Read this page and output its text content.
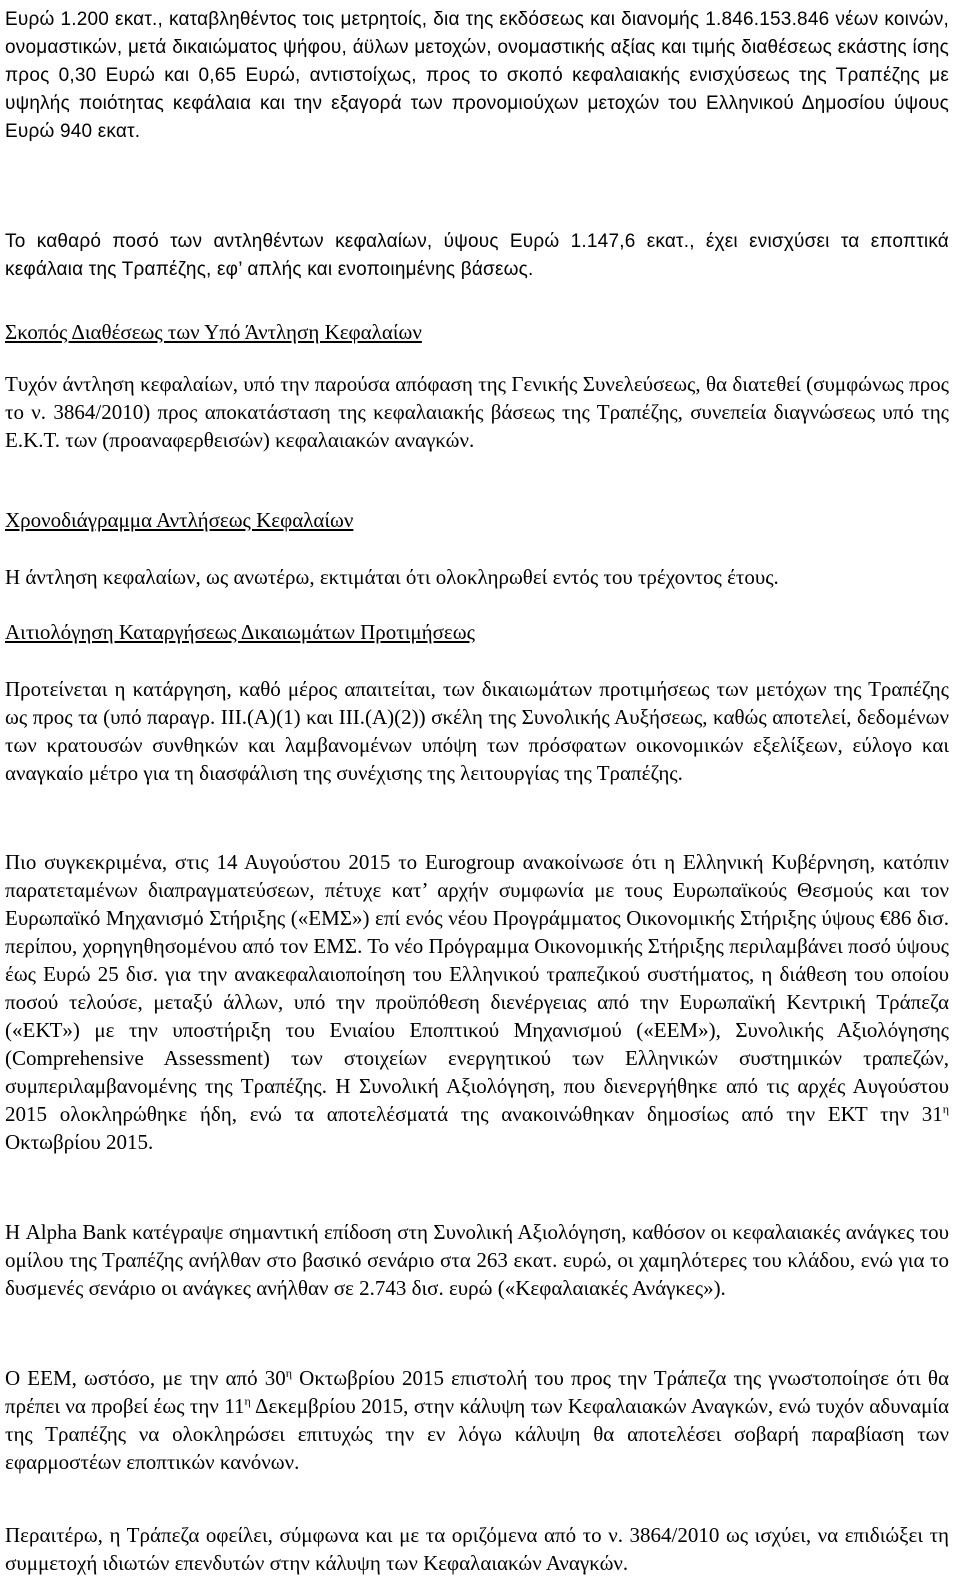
Ευρώ 1.200 εκατ., καταβληθέντος τοις μετρητοίς, δια της εκδόσεως και διανομής 1.846.153.846 νέων κοινών, ονομαστικών, μετά δικαιώματος ψήφου, άϋλων μετοχών, ονομαστικής αξίας και τιμής διαθέσεως εκάστης ίσης προς 0,30 Ευρώ και 0,65 Ευρώ, αντιστοίχως, προς το σκοπό κεφαλαιακής ενισχύσεως της Τραπέζης με υψηλής ποιότητας κεφάλαια και την εξαγορά των προνομιούχων μετοχών του Ελληνικού Δημοσίου ύψους Ευρώ 940 εκατ.

Το καθαρό ποσό των αντληθέντων κεφαλαίων, ύψους Ευρώ 1.147,6 εκατ., έχει ενισχύσει τα εποπτικά κεφάλαια της Τραπέζης, εφ’ απλής και ενοποιημένης βάσεως.

Σκοπός Διαθέσεως των Υπό Άντληση Κεφαλαίων

Τυχόν άντληση κεφαλαίων, υπό την παρούσα απόφαση της Γενικής Συνελεύσεως, θα διατεθεί (συμφώνως προς το ν. 3864/2010) προς αποκατάσταση της κεφαλαιακής βάσεως της Τραπέζης, συνεπεία διαγνώσεως υπό της Ε.Κ.Τ. των (προαναφερθεισών) κεφαλαιακών αναγκών.

Χρονοδιάγραμμα Αντλήσεως Κεφαλαίων

Η άντληση κεφαλαίων, ως ανωτέρω, εκτιμάται ότι ολοκληρωθεί εντός του τρέχοντος έτους.

Αιτιολόγηση Καταργήσεως Δικαιωμάτων Προτιμήσεως

Προτείνεται η κατάργηση, καθό μέρος απαιτείται, των δικαιωμάτων προτιμήσεως των μετόχων της Τραπέζης ως προς τα (υπό παραγρ. ΙΙΙ.(Α)(1) και ΙΙΙ.(Α)(2)) σκέλη της Συνολικής Αυξήσεως, καθώς αποτελεί, δεδομένων των κρατουσών συνθηκών και λαμβανομένων υπόψη των πρόσφατων οικονομικών εξελίξεων, εύλογο και αναγκαίο μέτρο για τη διασφάλιση της συνέχισης της λειτουργίας της Τραπέζης.

Πιο συγκεκριμένα, στις 14 Αυγούστου 2015 το Eurogroup ανακοίνωσε ότι η Ελληνική Κυβέρνηση, κατόπιν παρατεταμένων διαπραγματεύσεων, πέτυχε κατ’ αρχήν συμφωνία με τους Ευρωπαϊκούς Θεσμούς και τον Ευρωπαϊκό Μηχανισμό Στήριξης («ΕΜΣ») επί ενός νέου Προγράμματος Οικονομικής Στήριξης ύψους €86 δισ. περίπου, χορηγηθησομένου από τον ΕΜΣ. Το νέο Πρόγραμμα Οικονομικής Στήριξης περιλαμβάνει ποσό ύψους έως Ευρώ 25 δισ. για την ανακεφαλαιοποίηση του Ελληνικού τραπεζικού συστήματος, η διάθεση του οποίου ποσού τελούσε, μεταξύ άλλων, υπό την προϋπόθεση διενέργειας από την Ευρωπαϊκή Κεντρική Τράπεζα («ΕΚΤ») με την υποστήριξη του Ενιαίου Εποπτικού Μηχανισμού («ΕΕΜ»), Συνολικής Αξιολόγησης (Comprehensive Assessment) των στοιχείων ενεργητικού των Ελληνικών συστημικών τραπεζών, συμπεριλαμβανομένης της Τραπέζης. Η Συνολική Αξιολόγηση, που διενεργήθηκε από τις αρχές Αυγούστου 2015 ολοκληρώθηκε ήδη, ενώ τα αποτελέσματά της ανακοινώθηκαν δημοσίως από την ΕΚΤ την $31^\eta$ Οκτωβρίου 2015.

Η Alpha Bank κατέγραψε σημαντική επίδοση στη Συνολική Αξιολόγηση, καθόσον οι κεφαλαιακές ανάγκες του ομίλου της Τραπέζης ανήλθαν στο βασικό σενάριο στα 263 εκατ. ευρώ, οι χαμηλότερες του κλάδου, ενώ για το δυσμενές σενάριο οι ανάγκες ανήλθαν σε 2.743 δισ. ευρώ («Κεφαλαιακές Ανάγκες»).

Ο ΕΕΜ, ωστόσο, με την από $30^\eta$ Οκτωβρίου 2015 επιστολή του προς την Τράπεζα της γνωστοποίησε ότι θα πρέπει να προβεί έως την $11^\eta$ Δεκεμβρίου 2015, στην κάλυψη των Κεφαλαιακών Αναγκών, ενώ τυχόν αδυναμία της Τραπέζης να ολοκληρώσει επιτυχώς την εν λόγω κάλυψη θα αποτελέσει σοβαρή παραβίαση των εφαρμοστέων εποπτικών κανόνων.

Περαιτέρω, η Τράπεζα οφείλει, σύμφωνα και με τα οριζόμενα από το ν. 3864/2010 ως ισχύει, να επιδιώξει τη συμμετοχή ιδιωτών επενδυτών στην κάλυψη των Κεφαλαιακών Αναγκών.
